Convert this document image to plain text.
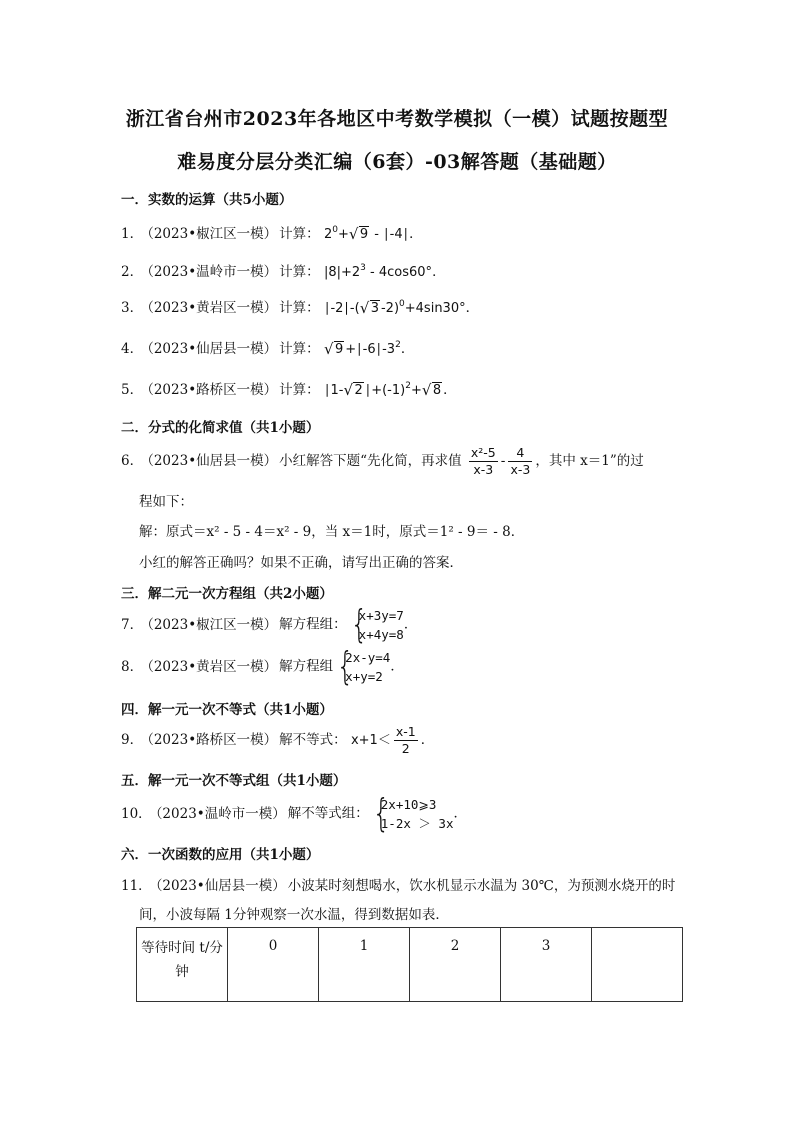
浙江省台州市2023年各地区中考数学模拟（一模）试题按题型
难易度分层分类汇编（6套）-03解答题（基础题）
一．实数的运算（共5小题）
1． （2023•椒江区一模） 计算： $2^0+√$ 9 - ∣-4∣．
2． （2023•温岭市一模） 计算： $|8|+2^3 - 4\cos 60^\circ$．
3． （2023•黄岩区一模） 计算： ∣-2∣-(√ 3 -2)$^0$+4sin30°．
4． （2023•仙居县一模） 计算： √ $9 +∣-6∣-3^2$．
5． （2023•路桥区一模） 计算： ∣1-√ 2 $∣+(-1)^2+√$ 8 ．
二．分式的化简求值（共1小题）
6． （2023•仙居县一模） 小红解答下题“先化简，再求值 $\frac{\text{x²-5}}{x-3} - \frac{4}{x-3}$ ，其中 x＝1”的过
程如下：
解：原式＝x² - 5 - 4＝x² - 9，当 x＝1时，原式＝1² - 9＝ - 8．
小红的解答正确吗？如果不正确，请写出正确的答案．
三．解二元一次方程组（共2小题）
7． （2023•椒江区一模） 解方程组： {
x+3y=7
x+4y=8
．
8． （2023•黄岩区一模） 解方程组 {
2x-y=4
x+y=2
．
四．解一元一次不等式（共1小题）
9． （2023•路桥区一模） 解不等式： $x+1< \frac{x-1}{2}$ ．
五．解一元一次不等式组（共1小题）
10． （2023•温岭市一模） 解不等式组： {
2x+10⩾3
1-2x ＞ 3x
．
六．一次函数的应用（共1小题）
11． （2023•仙居县一模） 小波某时刻想喝水，饮水机显示水温为 30℃，为预测水烧开的时
间，小波每隔 1分钟观察一次水温，得到数据如表．
等待时间 t/分
钟	0	1	2	3	
